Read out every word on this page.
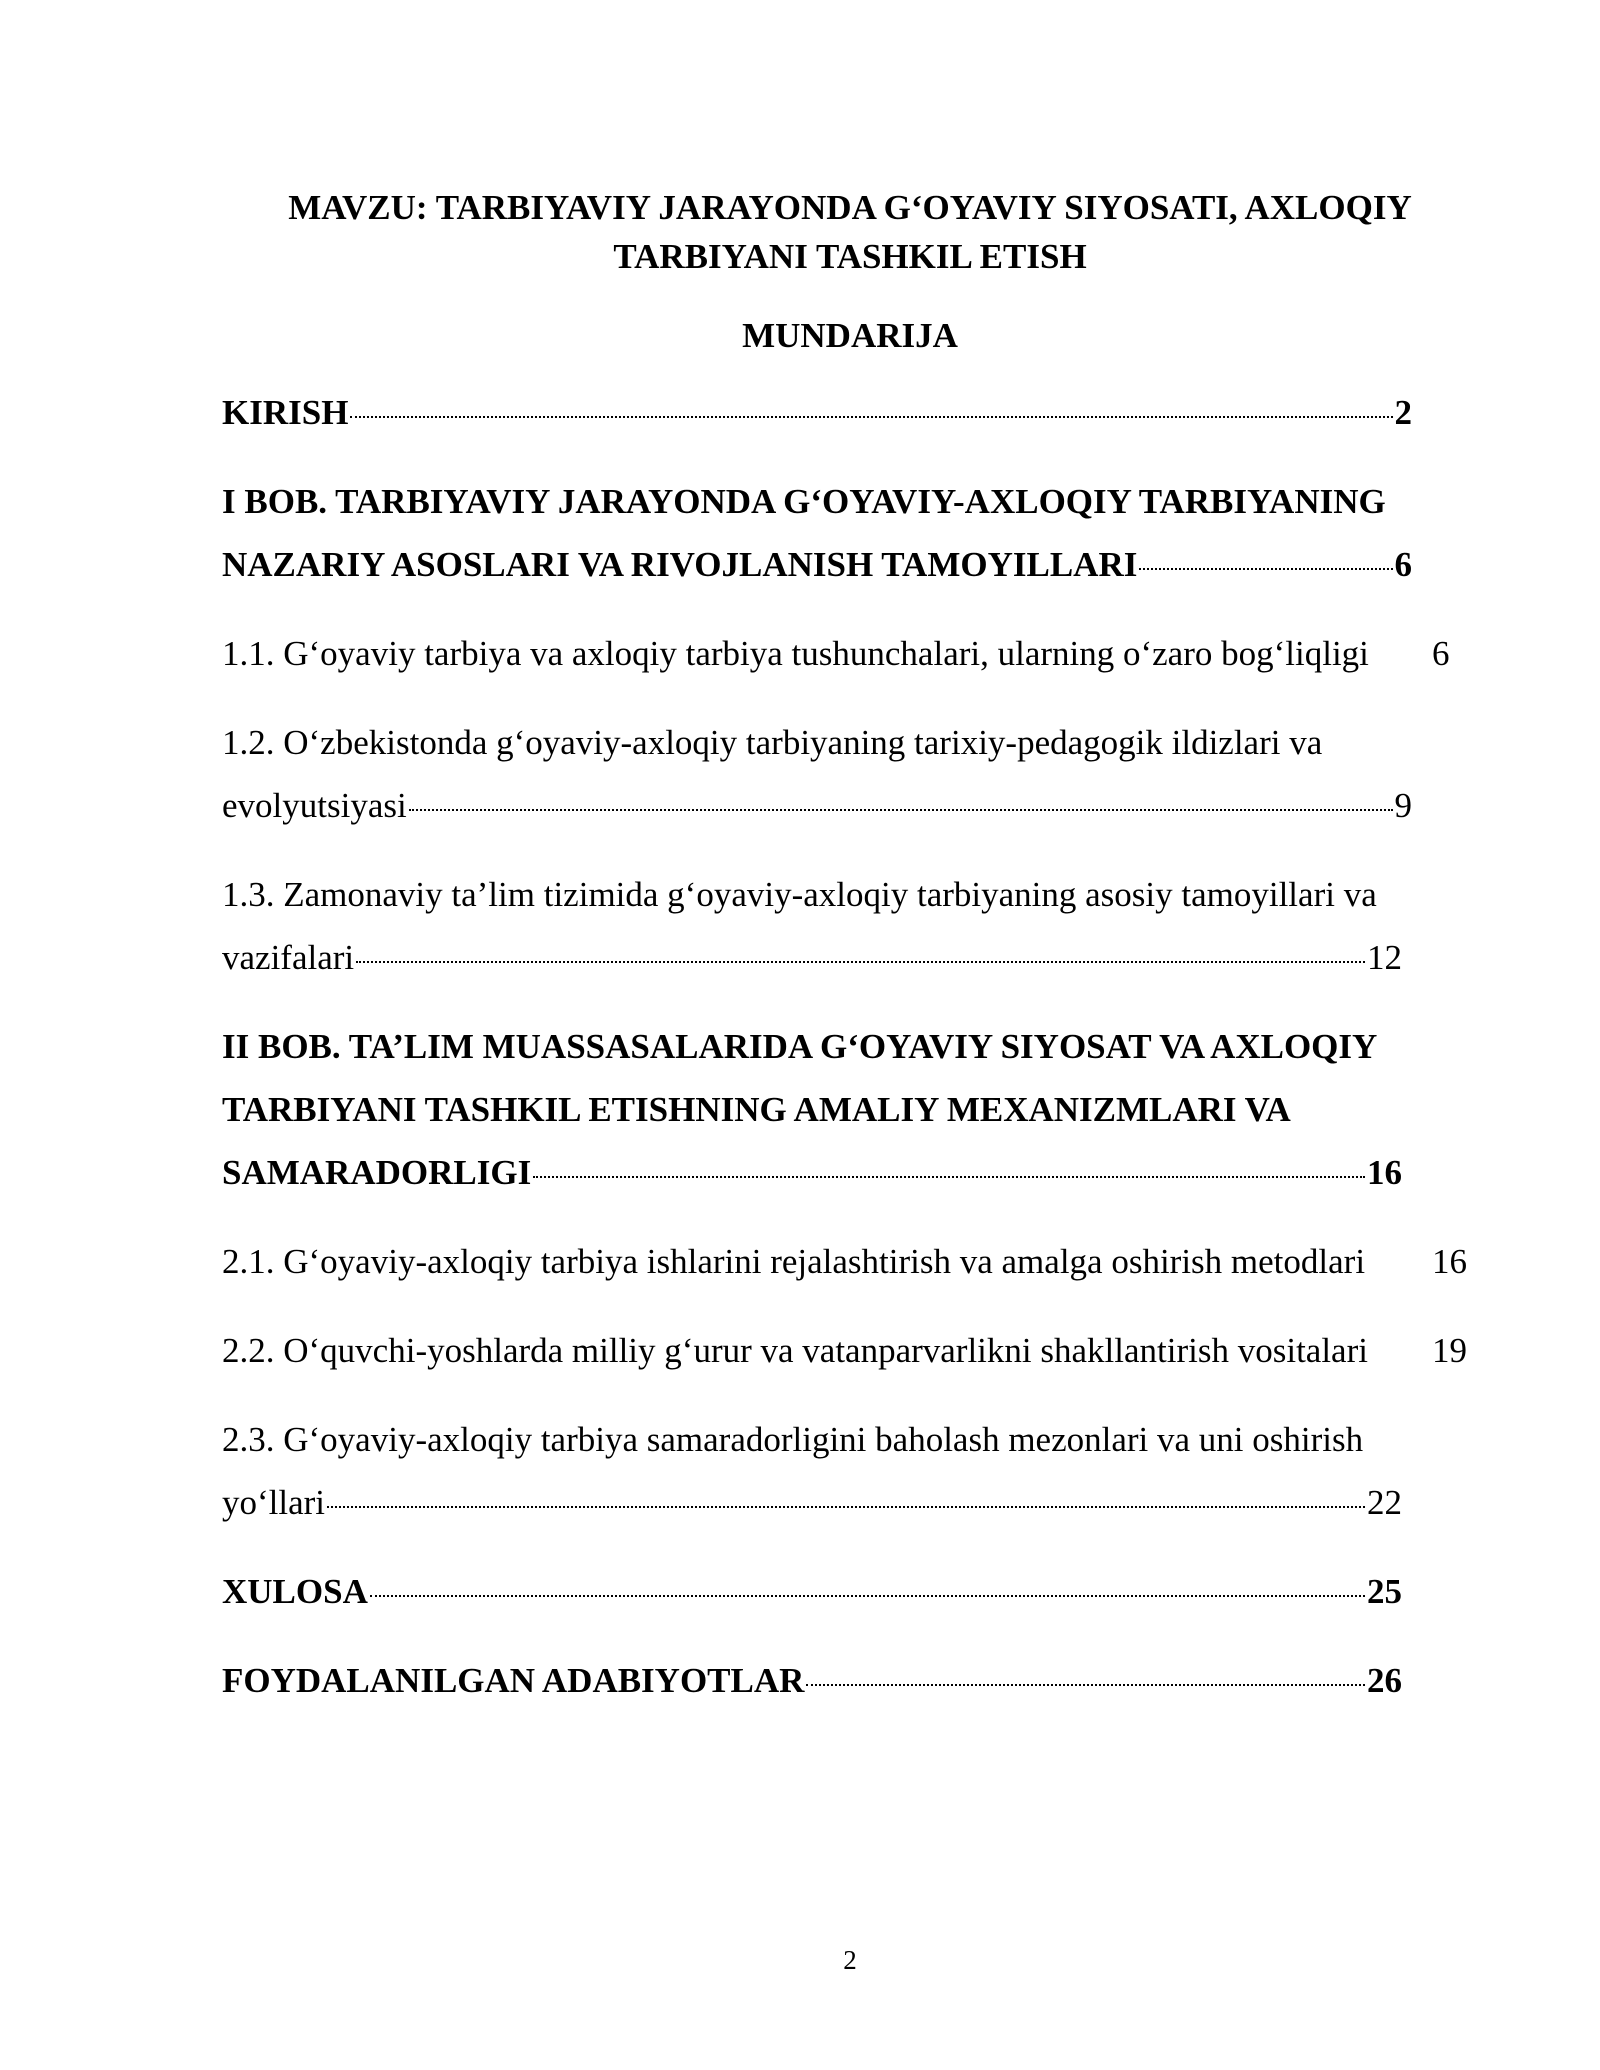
MAVZU: TARBIYAVIY JARAYONDA G‘OYAVIY SIYOSATI, AXLOQIY
TARBIYANI TASHKIL ETISH
MUNDARIJA
KIRISH	2
I BOB. TARBIYAVIY JARAYONDA G‘OYAVIY-AXLOQIY TARBIYANING
NAZARIY ASOSLARI VA RIVOJLANISH TAMOYILLARI	6
1.1. G‘oyaviy tarbiya va axloqiy tarbiya tushunchalari, ularning o‘zaro bog‘liqligi	6
1.2. O‘zbekistonda g‘oyaviy-axloqiy tarbiyaning tarixiy-pedagogik ildizlari va
evolyutsiyasi	9
1.3. Zamonaviy ta’lim tizimida g‘oyaviy-axloqiy tarbiyaning asosiy tamoyillari va
vazifalari	12
II BOB. TA’LIM MUASSASALARIDA G‘OYAVIY SIYOSAT VA AXLOQIY
TARBIYANI TASHKIL ETISHNING AMALIY MEXANIZMLARI VA
SAMARADORLIGI	16
2.1. G‘oyaviy-axloqiy tarbiya ishlarini rejalashtirish va amalga oshirish metodlari	16
2.2. O‘quvchi-yoshlarda milliy g‘urur va vatanparvarlikni shakllantirish vositalari	19
2.3. G‘oyaviy-axloqiy tarbiya samaradorligini baholash mezonlari va uni oshirish
yo‘llari	22
XULOSA	25
FOYDALANILGAN ADABIYOTLAR	26
2
